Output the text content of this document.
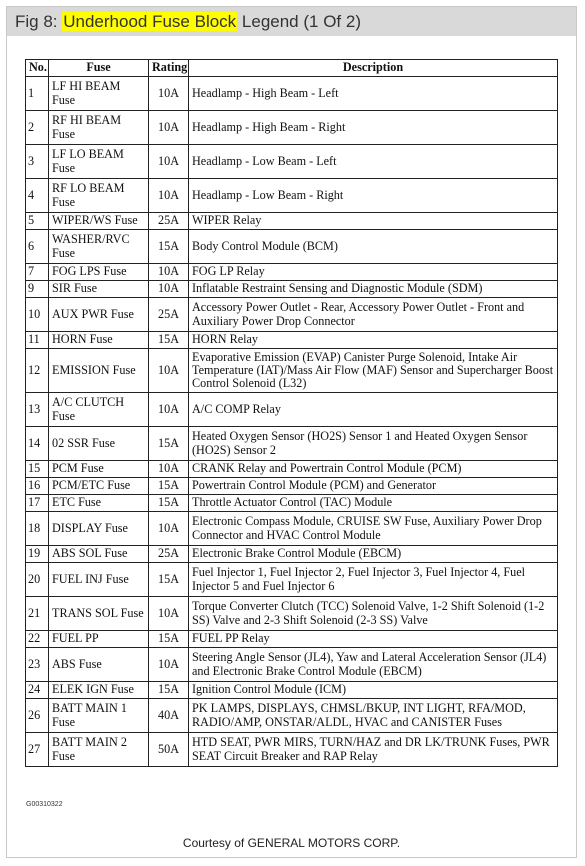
Fig 8: Underhood Fuse Block Legend (1 Of 2)
No.	Fuse	Rating	Description
1	LF HI BEAM Fuse	10A	Headlamp - High Beam - Left
2	RF HI BEAM Fuse	10A	Headlamp - High Beam - Right
3	LF LO BEAM Fuse	10A	Headlamp - Low Beam - Left
4	RF LO BEAM Fuse	10A	Headlamp - Low Beam - Right
5	WIPER/WS Fuse	25A	WIPER Relay
6	WASHER/RVC Fuse	15A	Body Control Module (BCM)
7	FOG LPS Fuse	10A	FOG LP Relay
9	SIR Fuse	10A	Inflatable Restraint Sensing and Diagnostic Module (SDM)
10	AUX PWR Fuse	25A	Accessory Power Outlet - Rear, Accessory Power Outlet - Front and Auxiliary Power Drop Connector
11	HORN Fuse	15A	HORN Relay
12	EMISSION Fuse	10A	Evaporative Emission (EVAP) Canister Purge Solenoid, Intake Air Temperature (IAT)/Mass Air Flow (MAF) Sensor and Supercharger Boost Control Solenoid (L32)
13	A/C CLUTCH Fuse	10A	A/C COMP Relay
14	02 SSR Fuse	15A	Heated Oxygen Sensor (HO2S) Sensor 1 and Heated Oxygen Sensor (HO2S) Sensor 2
15	PCM Fuse	10A	CRANK Relay and Powertrain Control Module (PCM)
16	PCM/ETC Fuse	15A	Powertrain Control Module (PCM) and Generator
17	ETC Fuse	15A	Throttle Actuator Control (TAC) Module
18	DISPLAY Fuse	10A	Electronic Compass Module, CRUISE SW Fuse, Auxiliary Power Drop Connector and HVAC Control Module
19	ABS SOL Fuse	25A	Electronic Brake Control Module (EBCM)
20	FUEL INJ Fuse	15A	Fuel Injector 1, Fuel Injector 2, Fuel Injector 3, Fuel Injector 4, Fuel Injector 5 and Fuel Injector 6
21	TRANS SOL Fuse	10A	Torque Converter Clutch (TCC) Solenoid Valve, 1-2 Shift Solenoid (1-2 SS) Valve and 2-3 Shift Solenoid (2-3 SS) Valve
22	FUEL PP	15A	FUEL PP Relay
23	ABS Fuse	10A	Steering Angle Sensor (JL4), Yaw and Lateral Acceleration Sensor (JL4) and Electronic Brake Control Module (EBCM)
24	ELEK IGN Fuse	15A	Ignition Control Module (ICM)
26	BATT MAIN 1 Fuse	40A	PK LAMPS, DISPLAYS, CHMSL/BKUP, INT LIGHT, RFA/MOD, RADIO/AMP, ONSTAR/ALDL, HVAC and CANISTER Fuses
27	BATT MAIN 2 Fuse	50A	HTD SEAT, PWR MIRS, TURN/HAZ and DR LK/TRUNK Fuses, PWR SEAT Circuit Breaker and RAP Relay
G00310322
Courtesy of GENERAL MOTORS CORP.
